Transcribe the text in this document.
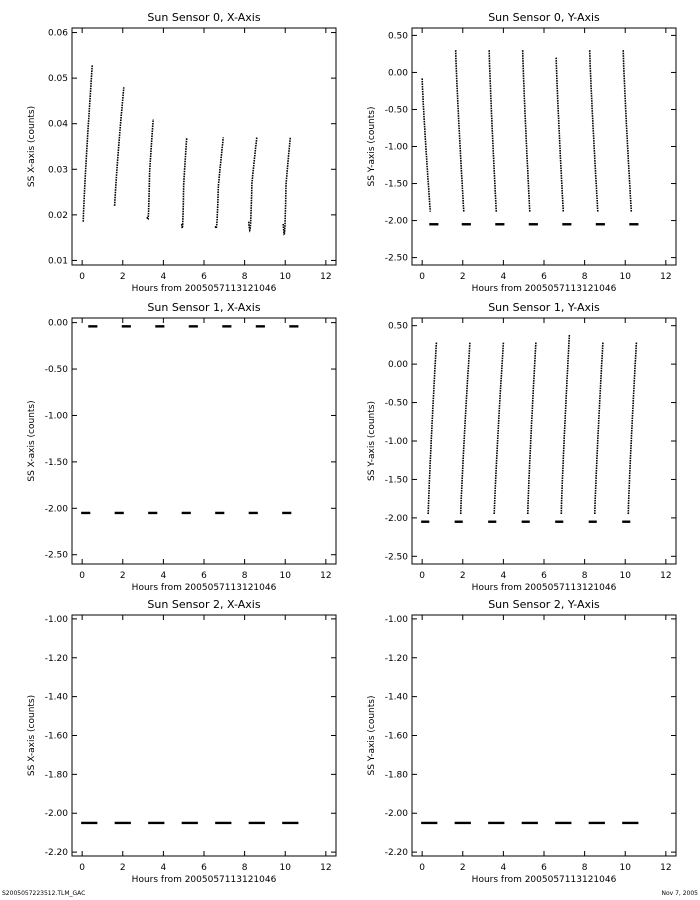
Sun Sensor 0, X-Axis
0	2	4	6	8	10	12
0.01
0.02
0.03
0.04
0.05
0.06
Hours from 2005057113121046
SS X-axis (counts)
Sun Sensor 0, Y-Axis
0	2	4	6	8	10	12
-2.50
-2.00
-1.50
-1.00
-0.50
0.00
0.50
Hours from 2005057113121046
SS Y-axis (counts)
Sun Sensor 1, X-Axis
0	2	4	6	8	10	12
-2.50
-2.00
-1.50
-1.00
-0.50
0.00
Hours from 2005057113121046
SS X-axis (counts)
Sun Sensor 1, Y-Axis
0	2	4	6	8	10	12
-2.50
-2.00
-1.50
-1.00
-0.50
0.00
0.50
Hours from 2005057113121046
SS Y-axis (counts)
Sun Sensor 2, X-Axis
0	2	4	6	8	10	12
-2.20
-2.00
-1.80
-1.60
-1.40
-1.20
-1.00
Hours from 2005057113121046
SS X-axis (counts)
Sun Sensor 2, Y-Axis
0	2	4	6	8	10	12
-2.20
-2.00
-1.80
-1.60
-1.40
-1.20
-1.00
Hours from 2005057113121046
SS Y-axis (counts)
S2005057223512.TLM_GAC	Nov 7, 2005
